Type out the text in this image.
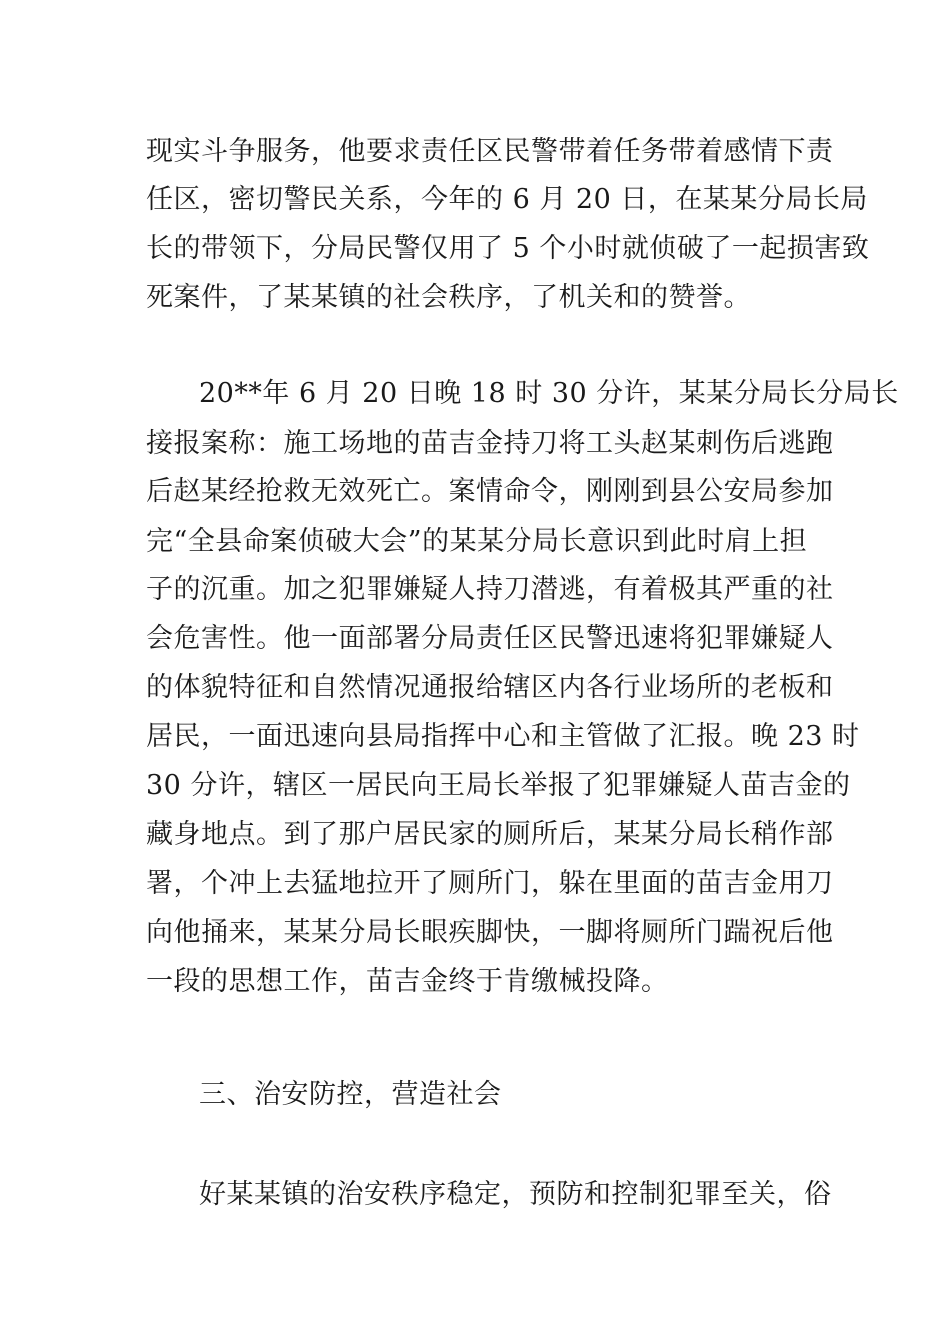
现实斗争服务，他要求责任区民警带着任务带着感情下责
任区，密切警民关系，今年的 6 月 20 日，在某某分局长局
长的带领下，分局民警仅用了 5 个小时就侦破了一起损害致
死案件，了某某镇的社会秩序，了机关和的赞誉。
20**年 6 月 20 日晚 18 时 30 分许，某某分局长分局长
接报案称：施工场地的苗吉金持刀将工头赵某刺伤后逃跑
后赵某经抢救无效死亡。案情命令，刚刚到县公安局参加
完“全县命案侦破大会”的某某分局长意识到此时肩上担
子的沉重。加之犯罪嫌疑人持刀潜逃，有着极其严重的社
会危害性。他一面部署分局责任区民警迅速将犯罪嫌疑人
的体貌特征和自然情况通报给辖区内各行业场所的老板和
居民，一面迅速向县局指挥中心和主管做了汇报。晚 23 时
30 分许，辖区一居民向王局长举报了犯罪嫌疑人苗吉金的
藏身地点。到了那户居民家的厕所后，某某分局长稍作部
署，个冲上去猛地拉开了厕所门，躲在里面的苗吉金用刀
向他捅来，某某分局长眼疾脚快，一脚将厕所门踹祝后他
一段的思想工作，苗吉金终于肯缴械投降。
三、治安防控，营造社会
好某某镇的治安秩序稳定，预防和控制犯罪至关，俗
